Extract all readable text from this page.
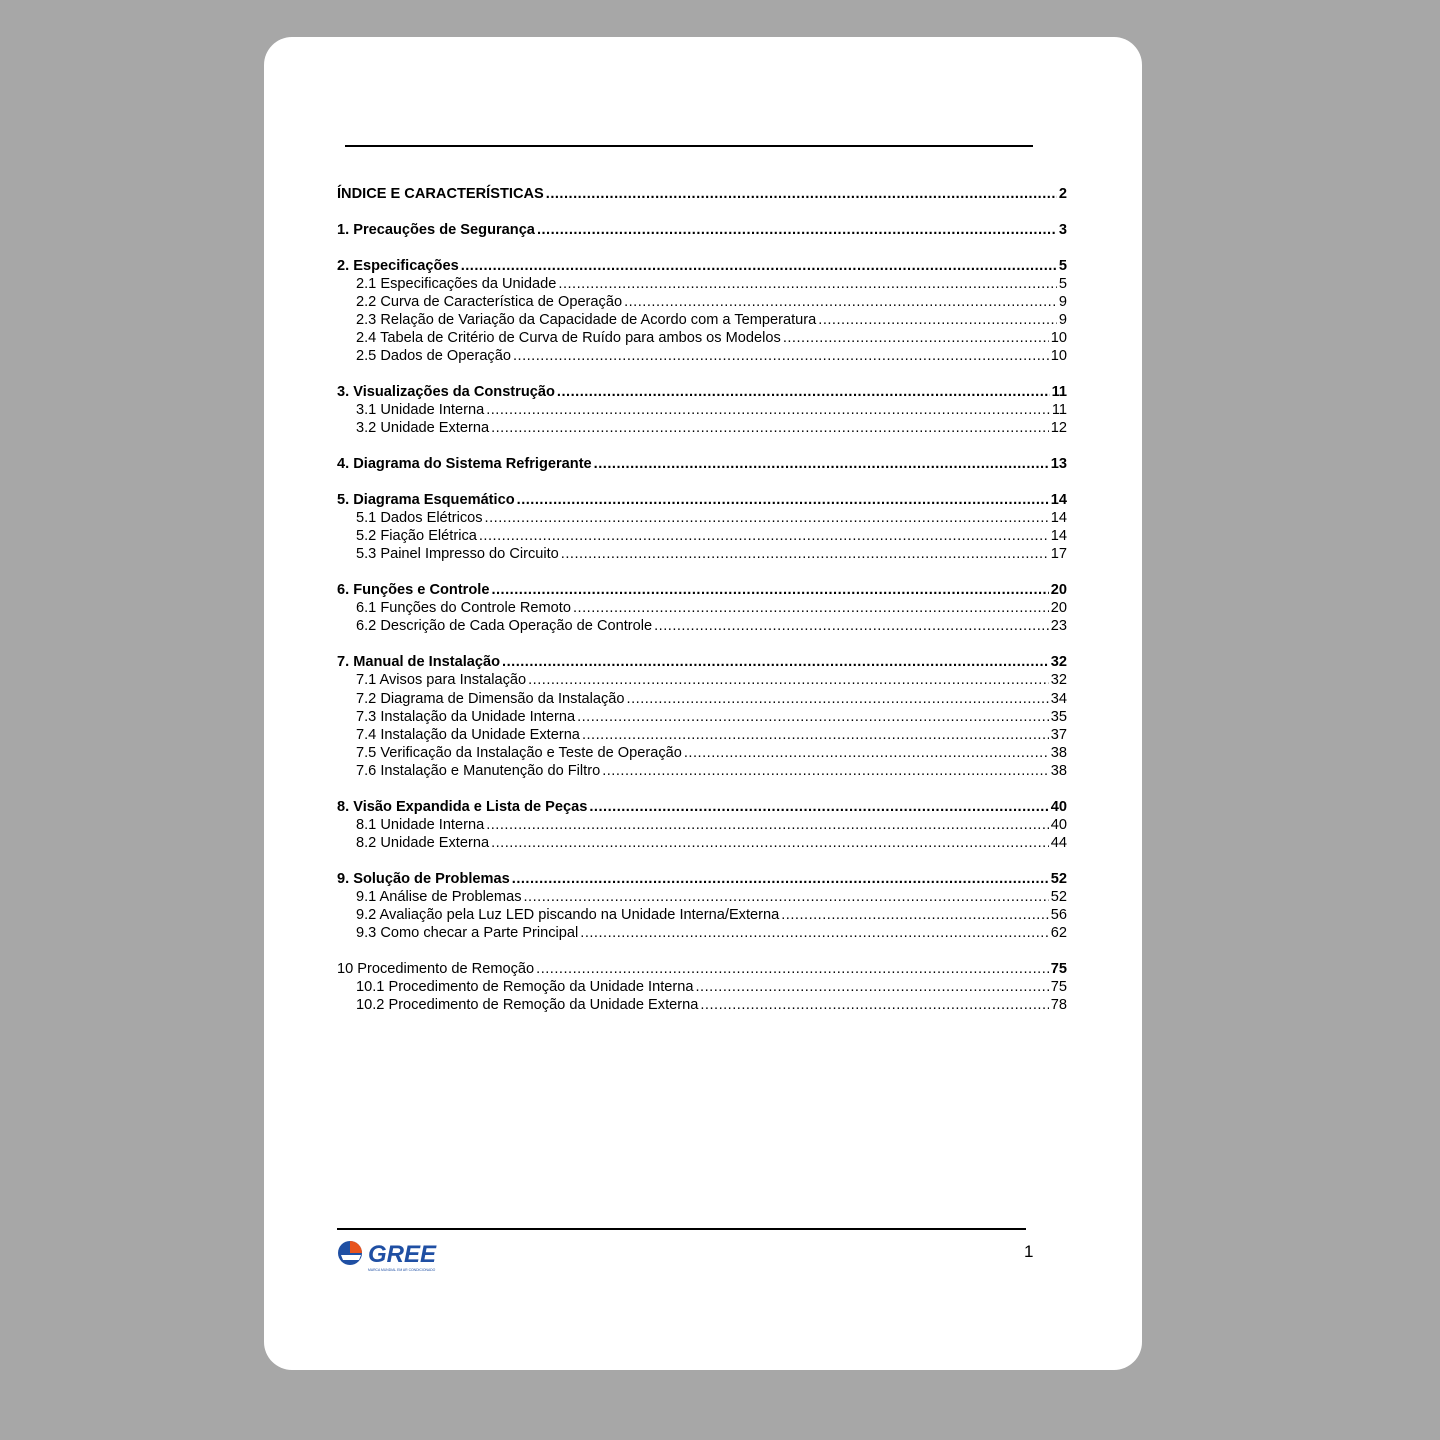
ÍNDICE E CARACTERÍSTICAS .....	2
1. Precauções de Segurança .....	3
2. Especificações .....	5
2.1 Especificações da Unidade .....	5
2.2 Curva de Característica de Operação .....	9
2.3 Relação de Variação da Capacidade de Acordo com a Temperatura .....	9
2.4 Tabela de Critério de Curva de Ruído para ambos os Modelos .....	10
2.5 Dados de Operação .....	10
3. Visualizações da Construção .....	11
3.1 Unidade Interna .....	11
3.2 Unidade Externa .....	12
4. Diagrama do Sistema Refrigerante .....	13
5. Diagrama Esquemático .....	14
5.1 Dados Elétricos .....	14
5.2 Fiação Elétrica .....	14
5.3 Painel Impresso do Circuito .....	17
6. Funções e Controle .....	20
6.1 Funções do Controle Remoto .....	20
6.2 Descrição de Cada Operação de Controle .....	23
7. Manual de Instalação .....	32
7.1 Avisos para Instalação .....	32
7.2 Diagrama de Dimensão da Instalação .....	34
7.3 Instalação da Unidade Interna .....	35
7.4 Instalação da Unidade Externa .....	37
7.5 Verificação da Instalação e Teste de Operação .....	38
7.6 Instalação e Manutenção do Filtro .....	38
8. Visão Expandida e Lista de Peças .....	40
8.1 Unidade Interna .....	40
8.2 Unidade Externa .....	44
9. Solução de Problemas .....	52
9.1 Análise de Problemas .....	52
9.2 Avaliação pela Luz LED piscando na Unidade Interna/Externa .....	56
9.3 Como checar a Parte Principal .....	62
10 Procedimento de Remoção .....	75
10.1 Procedimento de Remoção da Unidade Interna .....	75
10.2 Procedimento de Remoção da Unidade Externa .....	78
GREE
MARCA MUNDIAL EM AR CONDICIONADO
1
